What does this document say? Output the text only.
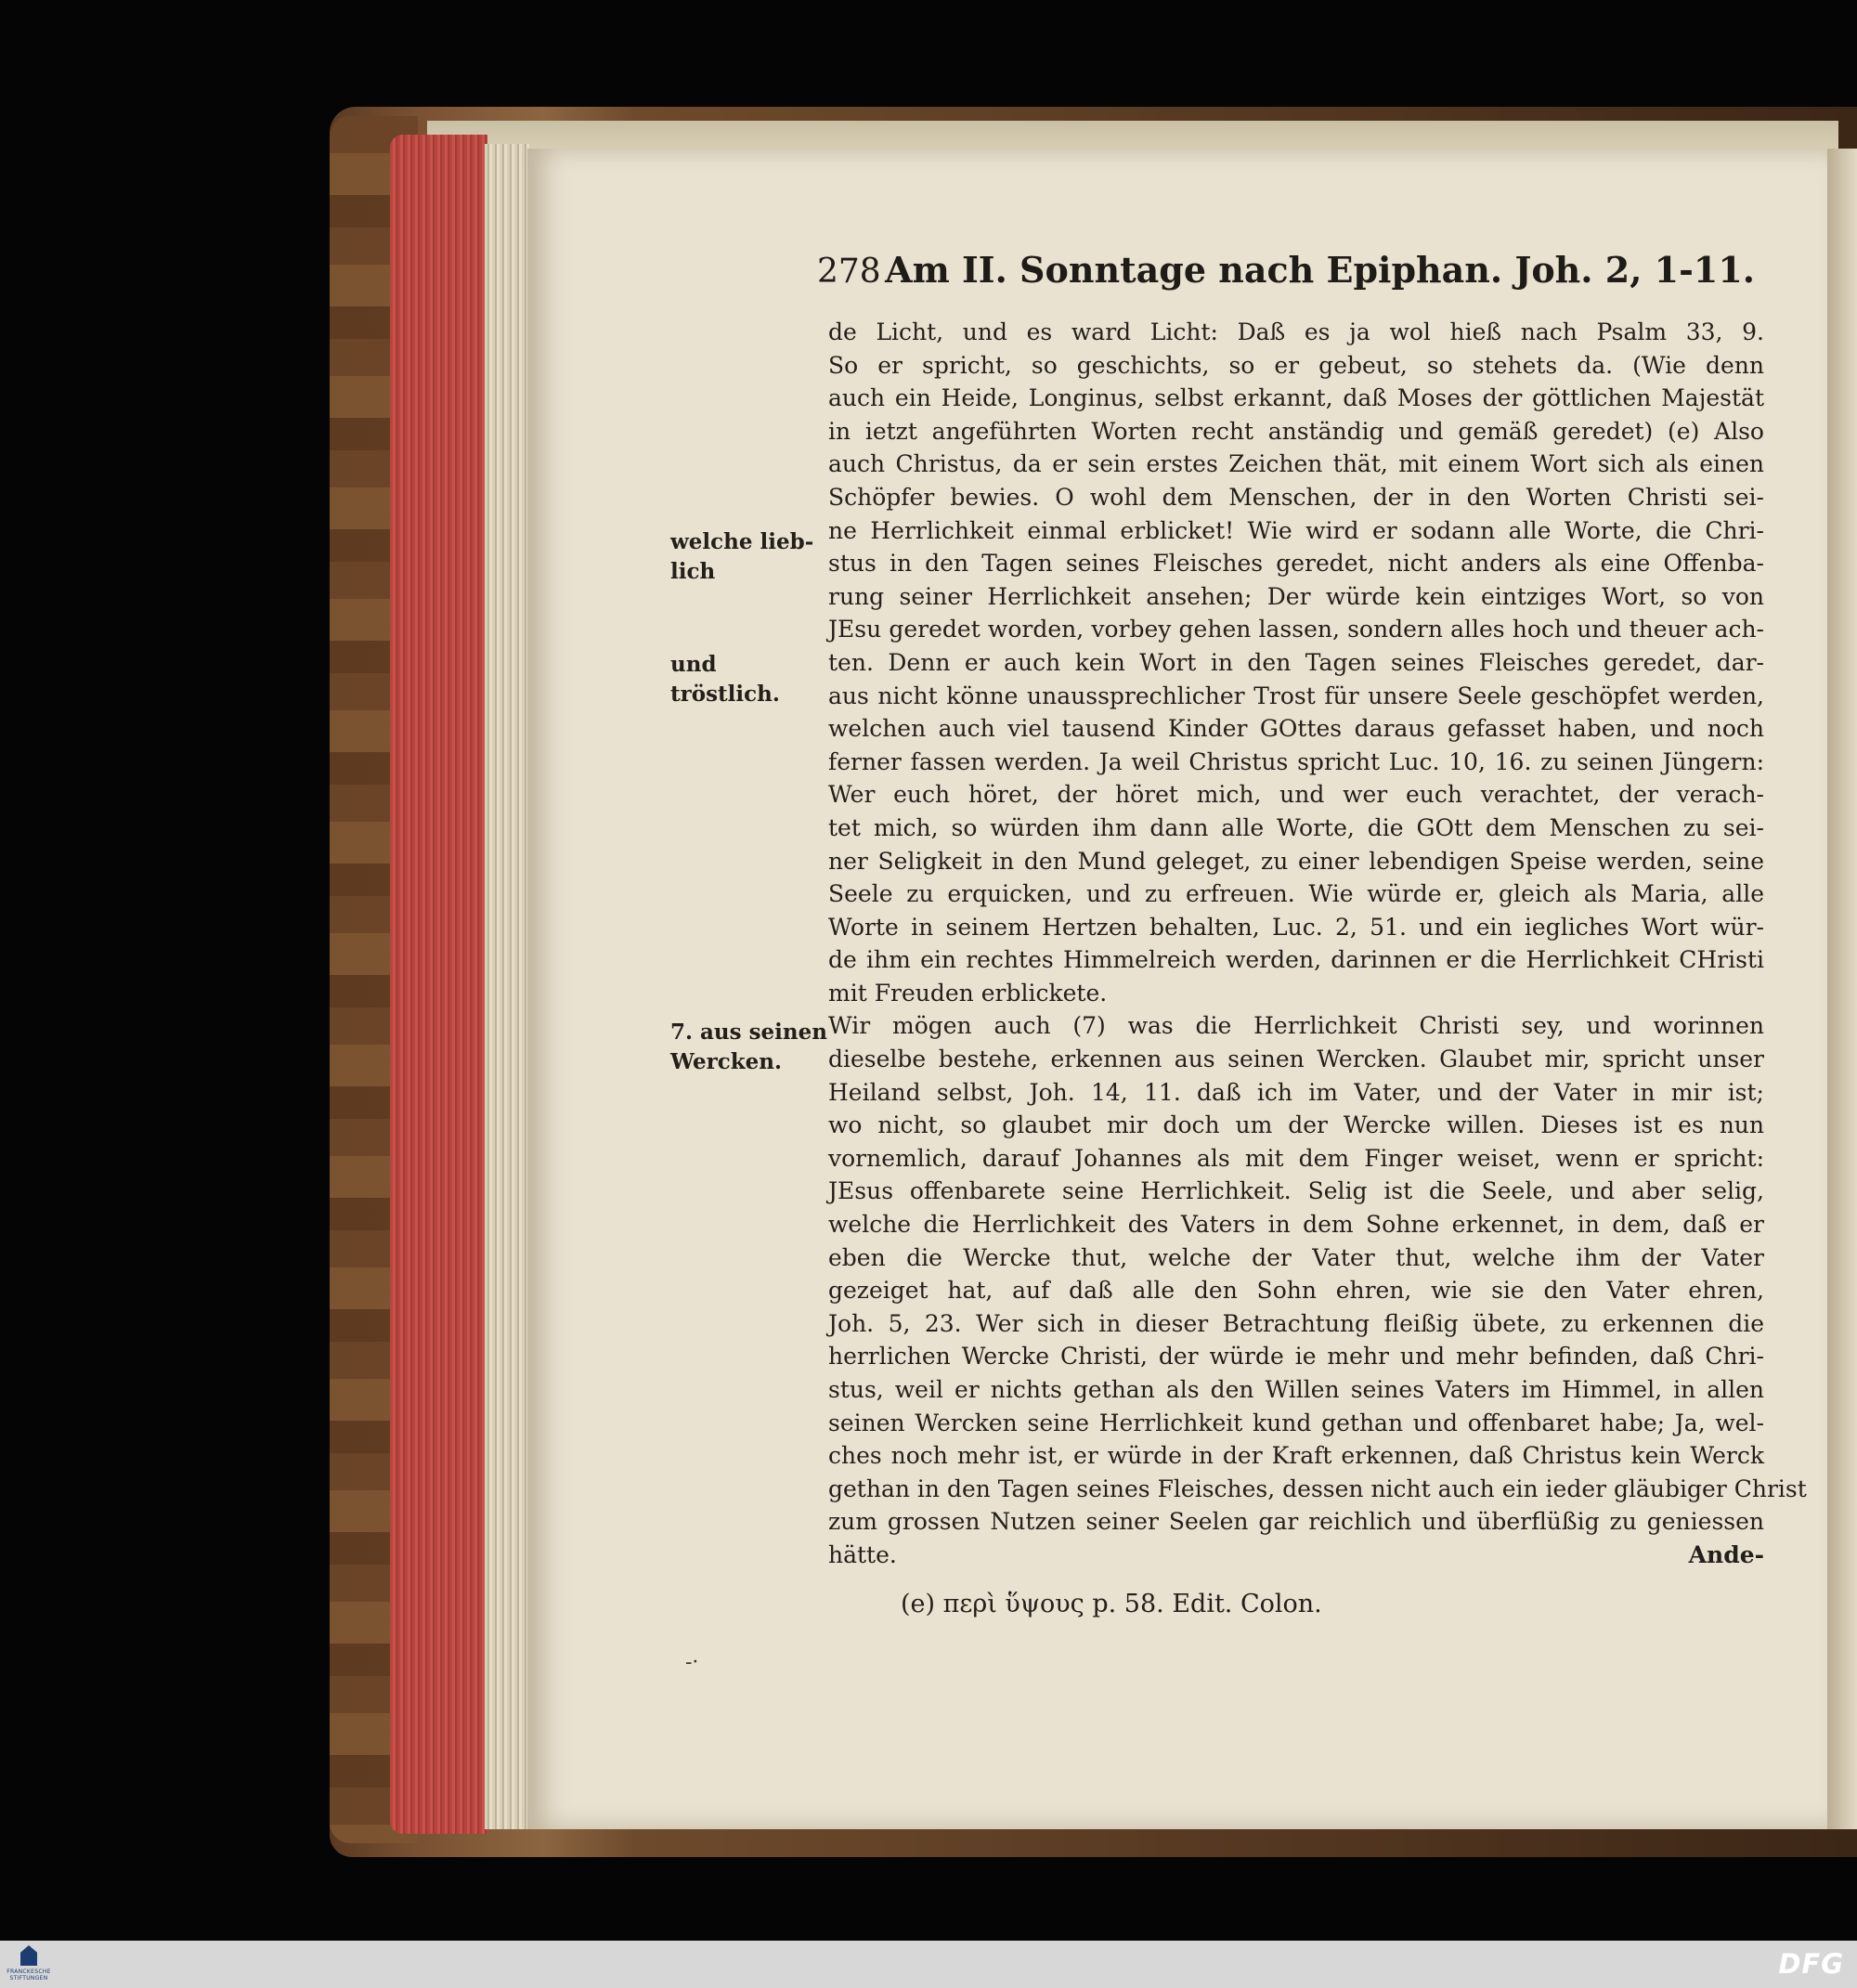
278 Am II. Sonntage nach Epiphan. Joh. 2, 1-11.
de Licht, und es ward Licht: Daß es ja wol hieß nach Psalm 33, 9.
So er spricht, so geschichts, so er gebeut, so stehets da. (Wie denn
auch ein Heide, Longinus, selbst erkannt, daß Moses der göttlichen Majestät
in ietzt angeführten Worten recht anständig und gemäß geredet) (e) Also
auch Christus, da er sein erstes Zeichen thät, mit einem Wort sich als einen
Schöpfer bewies. O wohl dem Menschen, der in den Worten Christi sei-
ne Herrlichkeit einmal erblicket! Wie wird er sodann alle Worte, die Chri-
stus in den Tagen seines Fleisches geredet, nicht anders als eine Offenba-
rung seiner Herrlichkeit ansehen; Der würde kein eintziges Wort, so von
JEsu geredet worden, vorbey gehen lassen, sondern alles hoch und theuer ach-
ten. Denn er auch kein Wort in den Tagen seines Fleisches geredet, dar-
aus nicht könne unaussprechlicher Trost für unsere Seele geschöpfet werden,
welchen auch viel tausend Kinder GOttes daraus gefasset haben, und noch
ferner fassen werden. Ja weil Christus spricht Luc. 10, 16. zu seinen Jüngern:
Wer euch höret, der höret mich, und wer euch verachtet, der verach-
tet mich, so würden ihm dann alle Worte, die GOtt dem Menschen zu sei-
ner Seligkeit in den Mund geleget, zu einer lebendigen Speise werden, seine
Seele zu erquicken, und zu erfreuen. Wie würde er, gleich als Maria, alle
Worte in seinem Hertzen behalten, Luc. 2, 51. und ein iegliches Wort wür-
de ihm ein rechtes Himmelreich werden, darinnen er die Herrlichkeit CHristi
mit Freuden erblickete.
Wir mögen auch (7) was die Herrlichkeit Christi sey, und worinnen
dieselbe bestehe, erkennen aus seinen Wercken. Glaubet mir, spricht unser
Heiland selbst, Joh. 14, 11. daß ich im Vater, und der Vater in mir ist;
wo nicht, so glaubet mir doch um der Wercke willen. Dieses ist es nun
vornemlich, darauf Johannes als mit dem Finger weiset, wenn er spricht:
JEsus offenbarete seine Herrlichkeit. Selig ist die Seele, und aber selig,
welche die Herrlichkeit des Vaters in dem Sohne erkennet, in dem, daß er
eben die Wercke thut, welche der Vater thut, welche ihm der Vater
gezeiget hat, auf daß alle den Sohn ehren, wie sie den Vater ehren,
Joh. 5, 23. Wer sich in dieser Betrachtung fleißig übete, zu erkennen die
herrlichen Wercke Christi, der würde ie mehr und mehr befinden, daß Chri-
stus, weil er nichts gethan als den Willen seines Vaters im Himmel, in allen
seinen Wercken seine Herrlichkeit kund gethan und offenbaret habe; Ja, wel-
ches noch mehr ist, er würde in der Kraft erkennen, daß Christus kein Werck
gethan in den Tagen seines Fleisches, dessen nicht auch ein ieder gläubiger Christ
zum grossen Nutzen seiner Seelen gar reichlich und überflüßig zu geniessen
hätte.	Ande-
welche lieb-
lich
und tröstlich.
7. aus seinen
Wercken.
(e) περὶ ὕψους p. 58. Edit. Colon.
-·
FRANCKESCHE STIFTUNGEN	DFG
